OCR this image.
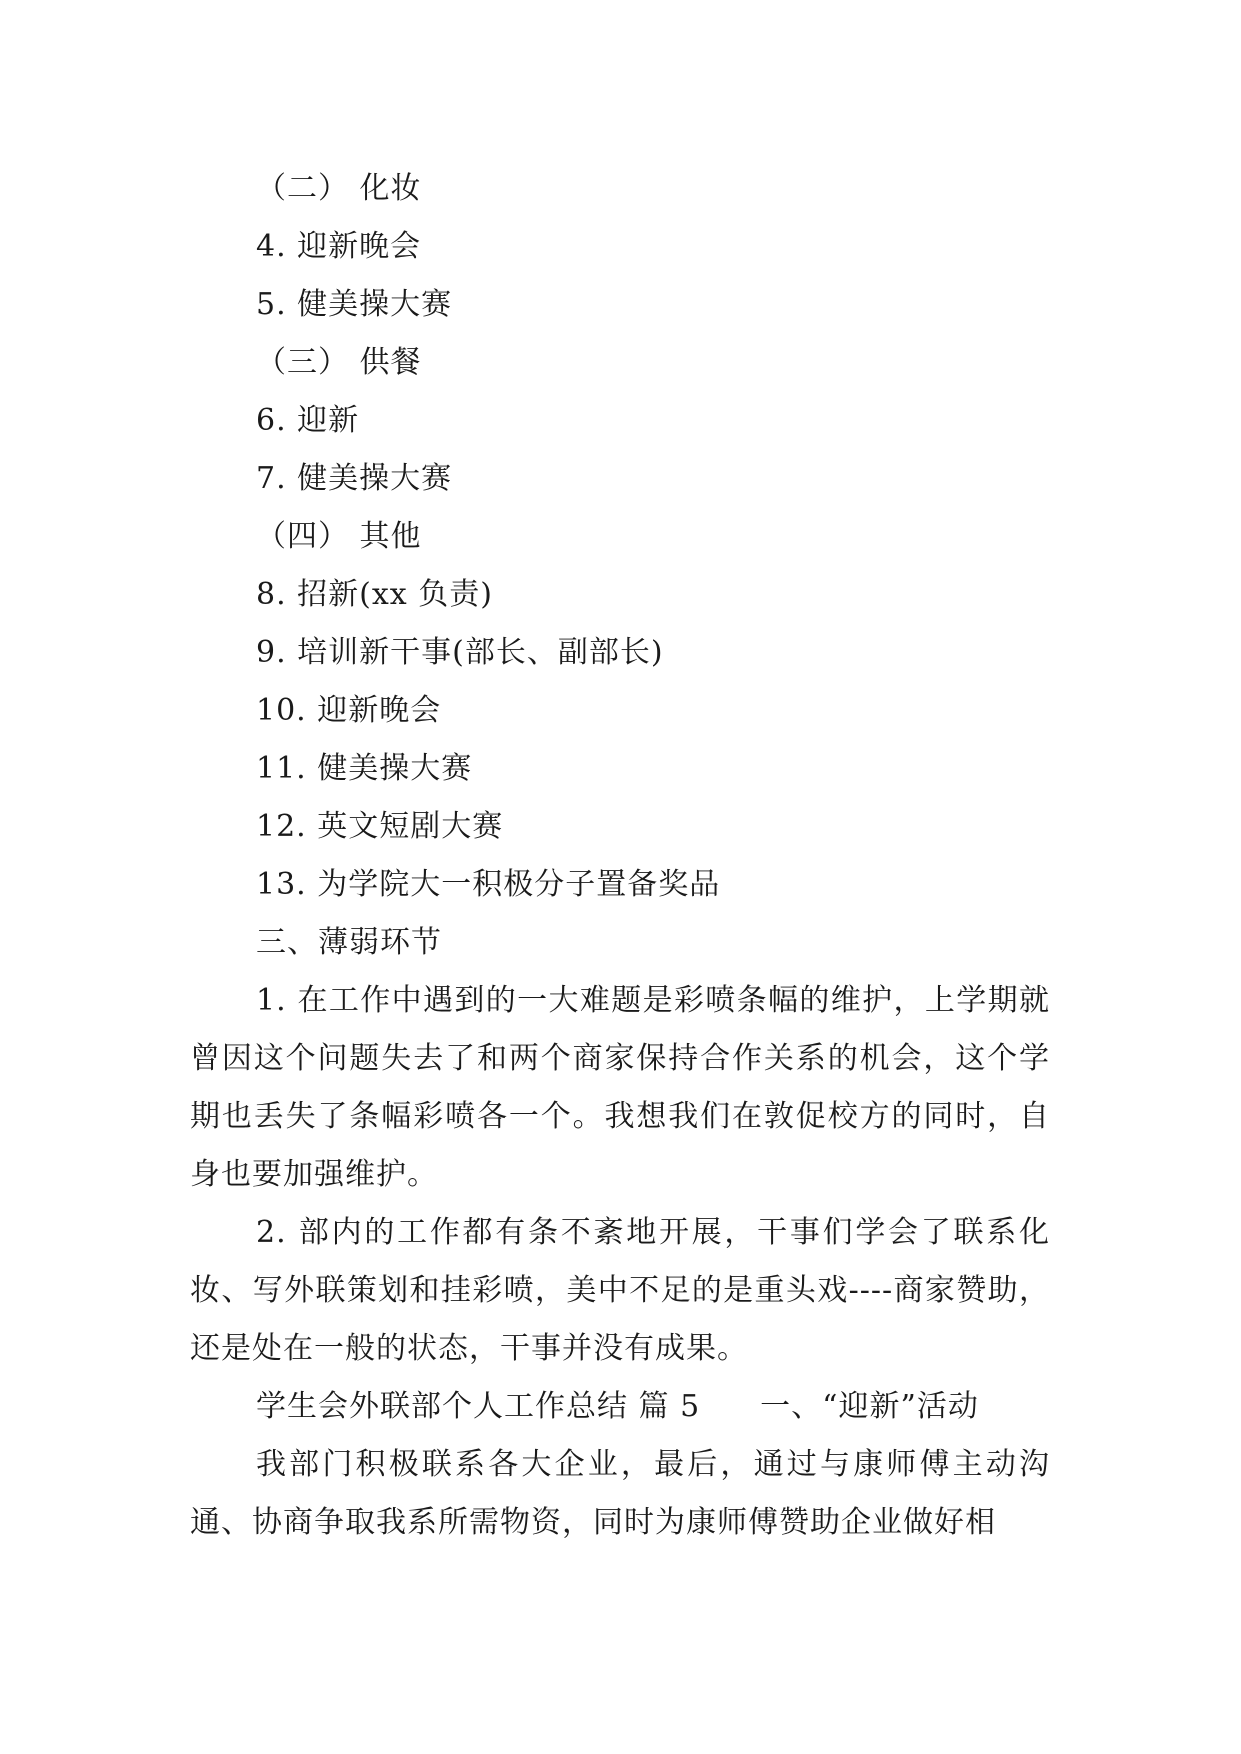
（二） 化妆
4. 迎新晚会
5. 健美操大赛
（三） 供餐
6. 迎新
7. 健美操大赛
（四） 其他
8. 招新(xx 负责)
9. 培训新干事(部长、副部长)
10. 迎新晚会
11. 健美操大赛
12. 英文短剧大赛
13. 为学院大一积极分子置备奖品
三、薄弱环节

1. 在工作中遇到的一大难题是彩喷条幅的维护，上学期就曾因这个问题失去了和两个商家保持合作关系的机会，这个学期也丢失了条幅彩喷各一个。我想我们在敦促校方的同时，自身也要加强维护。

2. 部内的工作都有条不紊地开展，干事们学会了联系化妆、写外联策划和挂彩喷，美中不足的是重头戏----商家赞助，还是处在一般的状态，干事并没有成果。

学生会外联部个人工作总结 篇 5 一、“迎新”活动

我部门积极联系各大企业，最后，通过与康师傅主动沟通、协商争取我系所需物资，同时为康师傅赞助企业做好相
